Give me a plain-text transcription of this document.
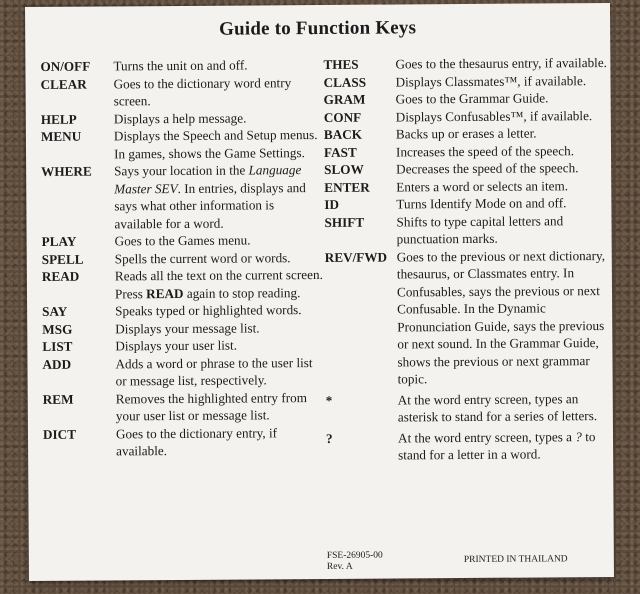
Guide to Function Keys
ON/OFF	Turns the unit on and off.
CLEAR	Goes to the dictionary word entry screen.
HELP	Displays a help message.
MENU	Displays the Speech and Setup menus. In games, shows the Game Settings.
WHERE	Says your location in the Language Master SEV. In entries, displays and says what other information is available for a word.
PLAY	Goes to the Games menu.
SPELL	Spells the current word or words.
READ	Reads all the text on the current screen. Press READ again to stop reading.
SAY	Speaks typed or highlighted words.
MSG	Displays your message list.
LIST	Displays your user list.
ADD	Adds a word or phrase to the user list or message list, respectively.
REM	Removes the highlighted entry from your user list or message list.
DICT	Goes to the dictionary entry, if available.
THES	Goes to the thesaurus entry, if available.
CLASS	Displays Classmates™, if available.
GRAM	Goes to the Grammar Guide.
CONF	Displays Confusables™, if available.
BACK	Backs up or erases a letter.
FAST	Increases the speed of the speech.
SLOW	Decreases the speed of the speech.
ENTER	Enters a word or selects an item.
ID	Turns Identify Mode on and off.
SHIFT	Shifts to type capital letters and punctuation marks.
REV/FWD Goes to the previous or next dictionary, thesaurus, or Classmates entry. In Confusables, says the previous or next Confusable. In the Dynamic Pronunciation Guide, says the previous or next sound. In the Grammar Guide, shows the previous or next grammar topic.
*	At the word entry screen, types an asterisk to stand for a series of letters.
?	At the word entry screen, types a ? to stand for a letter in a word.
FSE-26905-00
Rev. A
PRINTED IN THAILAND
